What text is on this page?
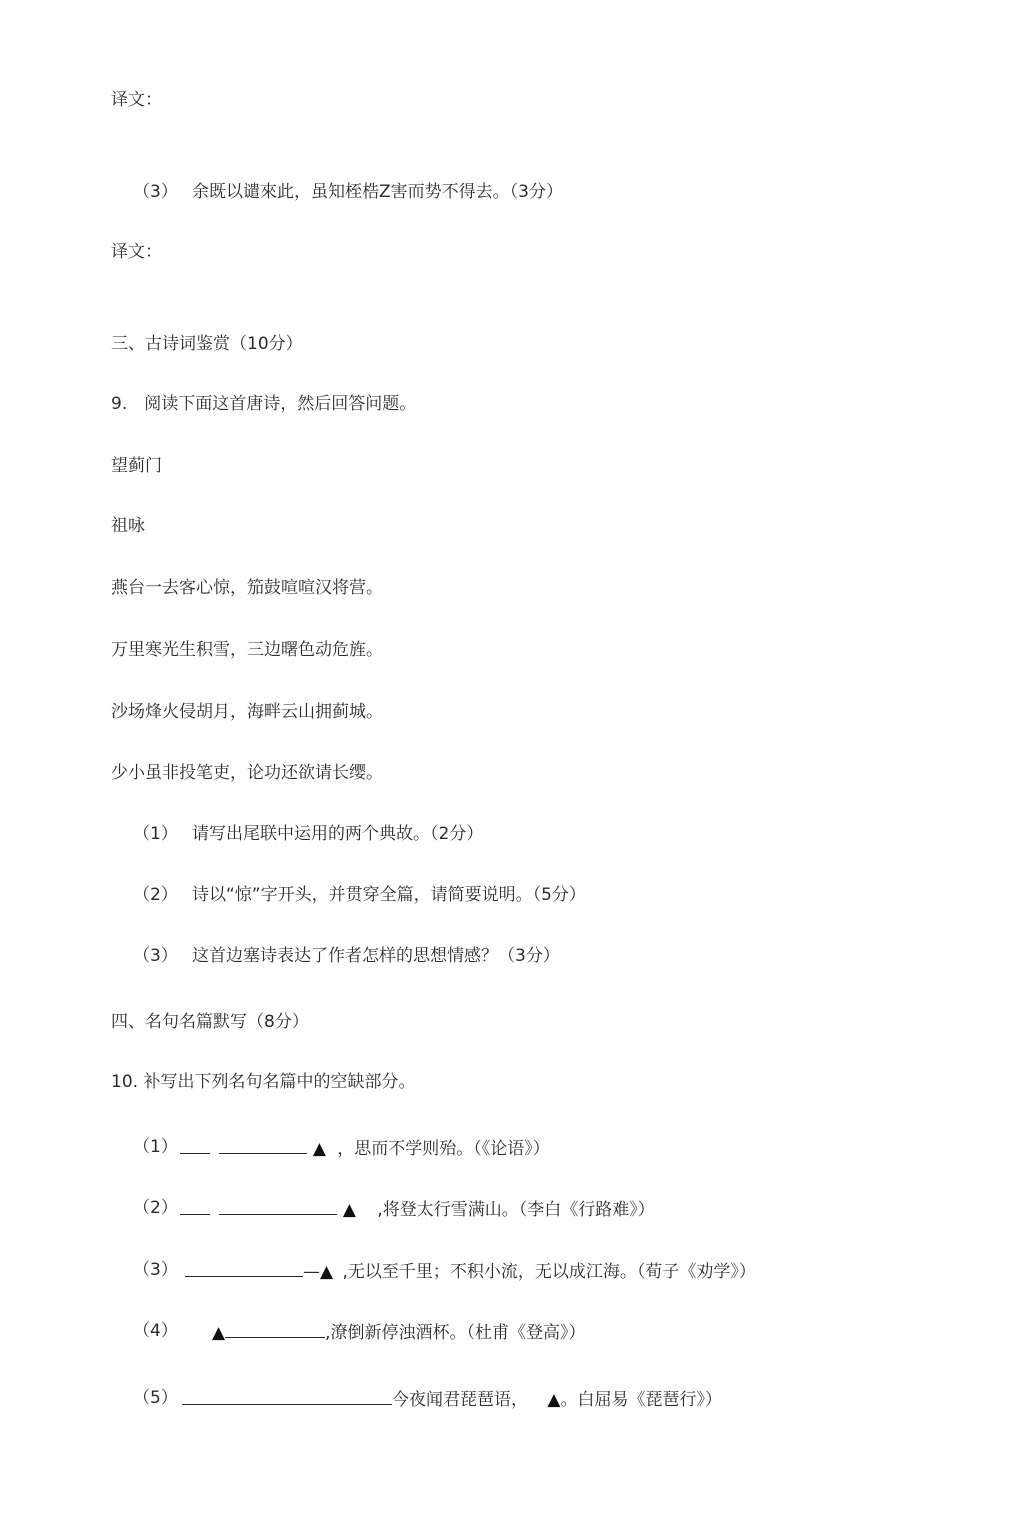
译文：
（3） 余既以谴來此，虽知桎梏Z害而势不得去。（3分）
译文：
三、古诗词鉴赏（10分）
9.　阅读下面这首唐诗，然后回答问题。
望蓟门
祖咏
燕台一去客心惊，笳鼓喧喧汉将营。
万里寒光生积雪，三边曙色动危旌。
沙场烽火侵胡月，海畔云山拥蓟城。
少小虽非投笔吏，论功还欲请长缨。
（1） 请写出尾联中运用的两个典故。（2分）
（2） 诗以“惊”字开头，并贯穿全篇，请简要说明。（5分）
（3） 这首边塞诗表达了作者怎样的思想情感？（3分）
四、名句名篇默写（8分）
10. 补写出下列名句名篇中的空缺部分。
（1）	▲ ，思而不学则殆。（《论语》）
（2）	▲ ,将登太行雪满山。（李白《行路难》）
（3）	—▲ ,无以至千里；不积小流，无以成江海。（荀子《劝学》）
（4） ▲	,潦倒新停浊酒杯。（杜甫《登高》）
（5）	今夜闻君琵琶语， ▲。白屈易《琵琶行》）
